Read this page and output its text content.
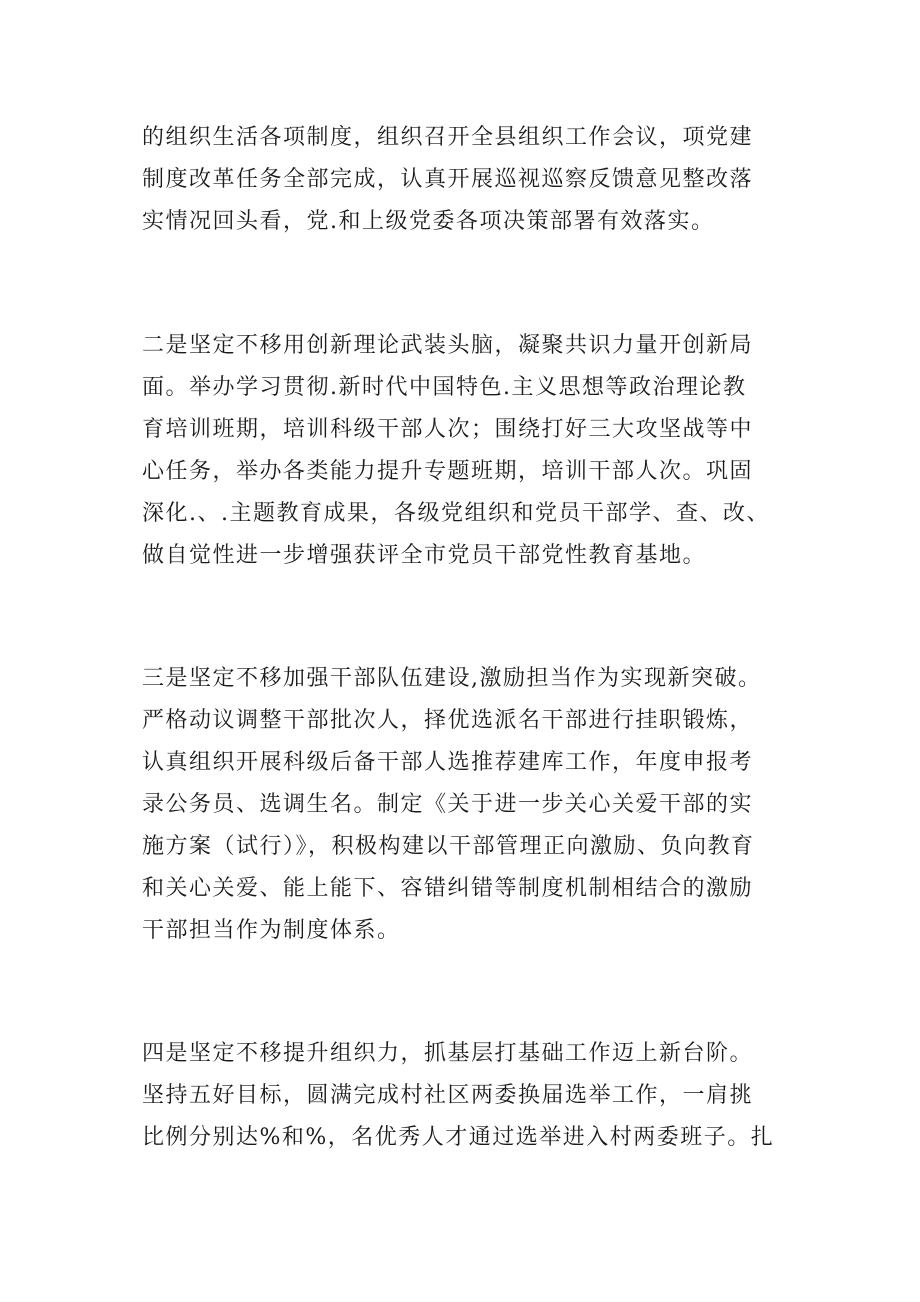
的组织生活各项制度，组织召开全县组织工作会议，项党建
制度改革任务全部完成，认真开展巡视巡察反馈意见整改落
实情况回头看，党.和上级党委各项决策部署有效落实。
二是坚定不移用创新理论武装头脑，凝聚共识力量开创新局
面。举办学习贯彻.新时代中国特色.主义思想等政治理论教
育培训班期，培训科级干部人次；围绕打好三大攻坚战等中
心任务，举办各类能力提升专题班期，培训干部人次。巩固
深化.、.主题教育成果，各级党组织和党员干部学、查、改、
做自觉性进一步增强获评全市党员干部党性教育基地。
三是坚定不移加强干部队伍建设,激励担当作为实现新突破。
严格动议调整干部批次人，择优选派名干部进行挂职锻炼，
认真组织开展科级后备干部人选推荐建库工作，年度申报考
录公务员、选调生名。制定《关于进一步关心关爱干部的实
施方案（试行）》，积极构建以干部管理正向激励、负向教育
和关心关爱、能上能下、容错纠错等制度机制相结合的激励
干部担当作为制度体系。
四是坚定不移提升组织力，抓基层打基础工作迈上新台阶。
坚持五好目标，圆满完成村社区两委换届选举工作，一肩挑
比例分别达%和%，名优秀人才通过选举进入村两委班子。扎
